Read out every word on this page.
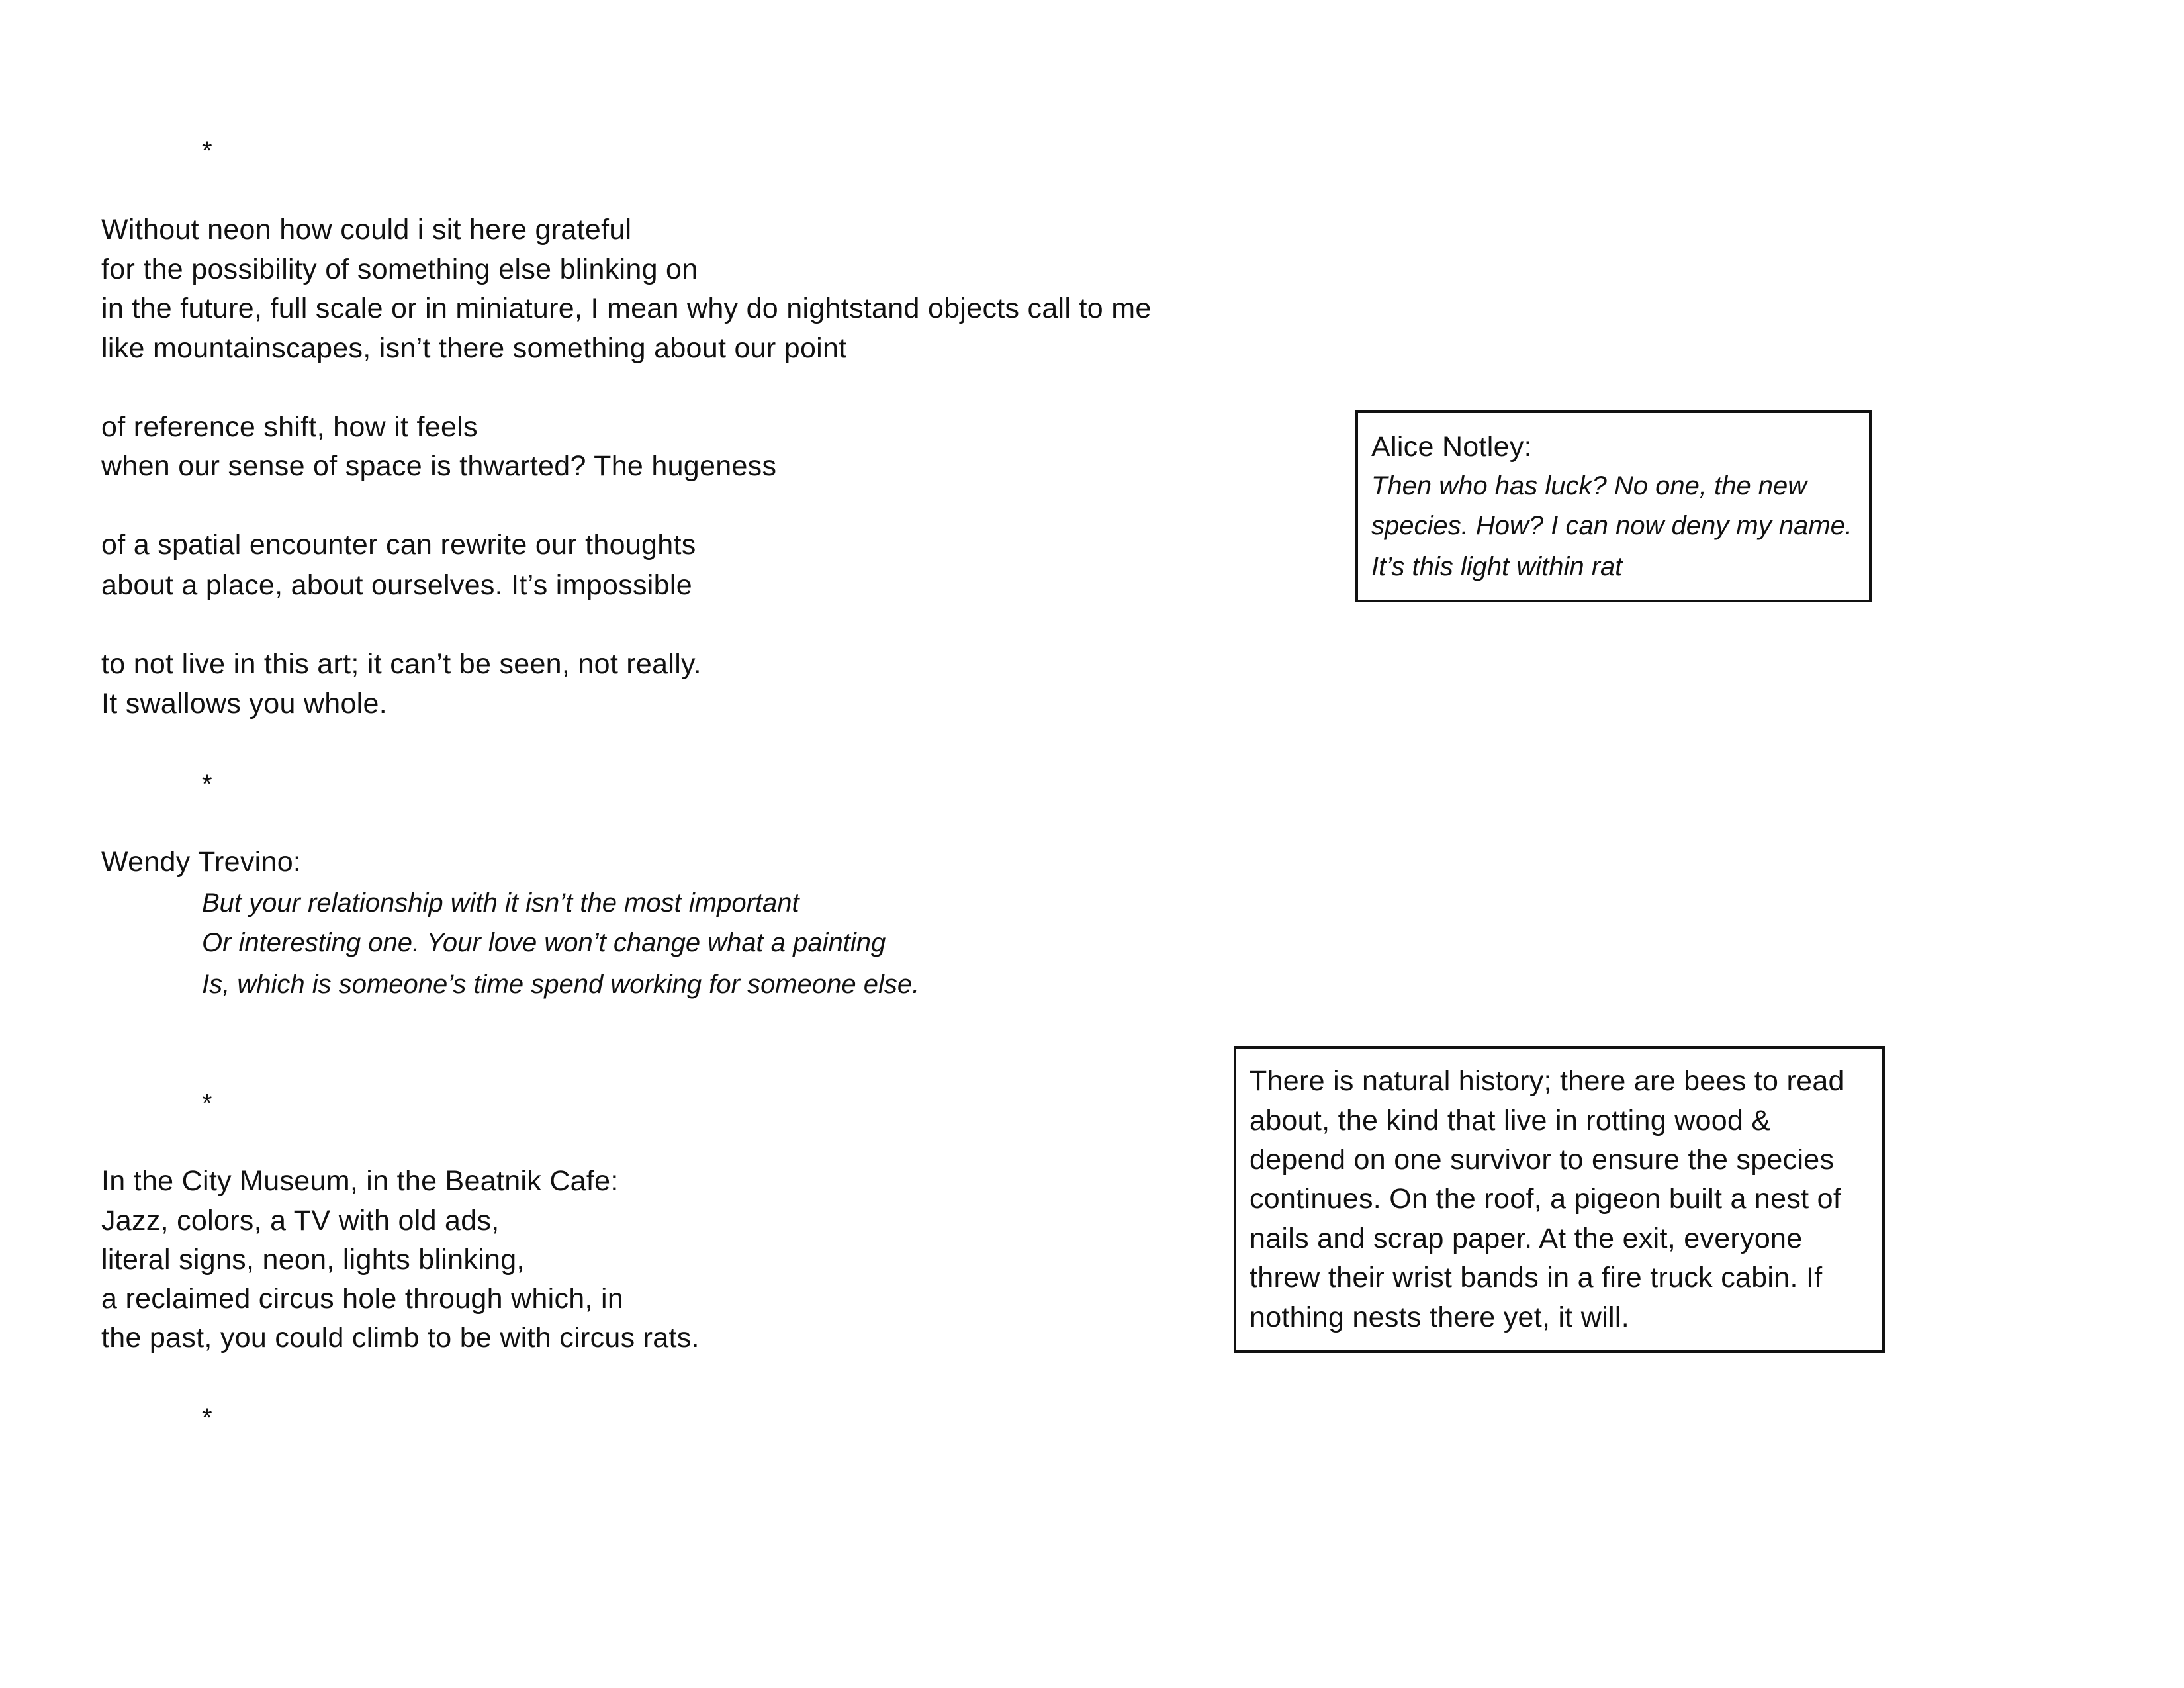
*
Without neon how could i sit here grateful
for the possibility of something else blinking on
in the future, full scale or in miniature, I mean why do nightstand objects call to me
like mountainscapes, isn’t there something about our point
of reference shift, how it feels
when our sense of space is thwarted? The hugeness
of a spatial encounter can rewrite our thoughts
about a place, about ourselves. It’s impossible
to not live in this art; it can’t be seen, not really.
It swallows you whole.
*
Wendy Trevino:
But your relationship with it isn’t the most important
Or interesting one. Your love won’t change what a painting
Is, which is someone’s time spend working for someone else.
*
In the City Museum, in the Beatnik Cafe:
Jazz, colors, a TV with old ads,
literal signs, neon, lights blinking,
a reclaimed circus hole through which, in
the past, you could climb to be with circus rats.
*
Alice Notley:
Then who has luck? No one, the new
species. How? I can now deny my name.
It’s this light within rat
There is natural history; there are bees to read
about, the kind that live in rotting wood &
depend on one survivor to ensure the species
continues. On the roof, a pigeon built a nest of
nails and scrap paper. At the exit, everyone
threw their wrist bands in a fire truck cabin. If
nothing nests there yet, it will.
